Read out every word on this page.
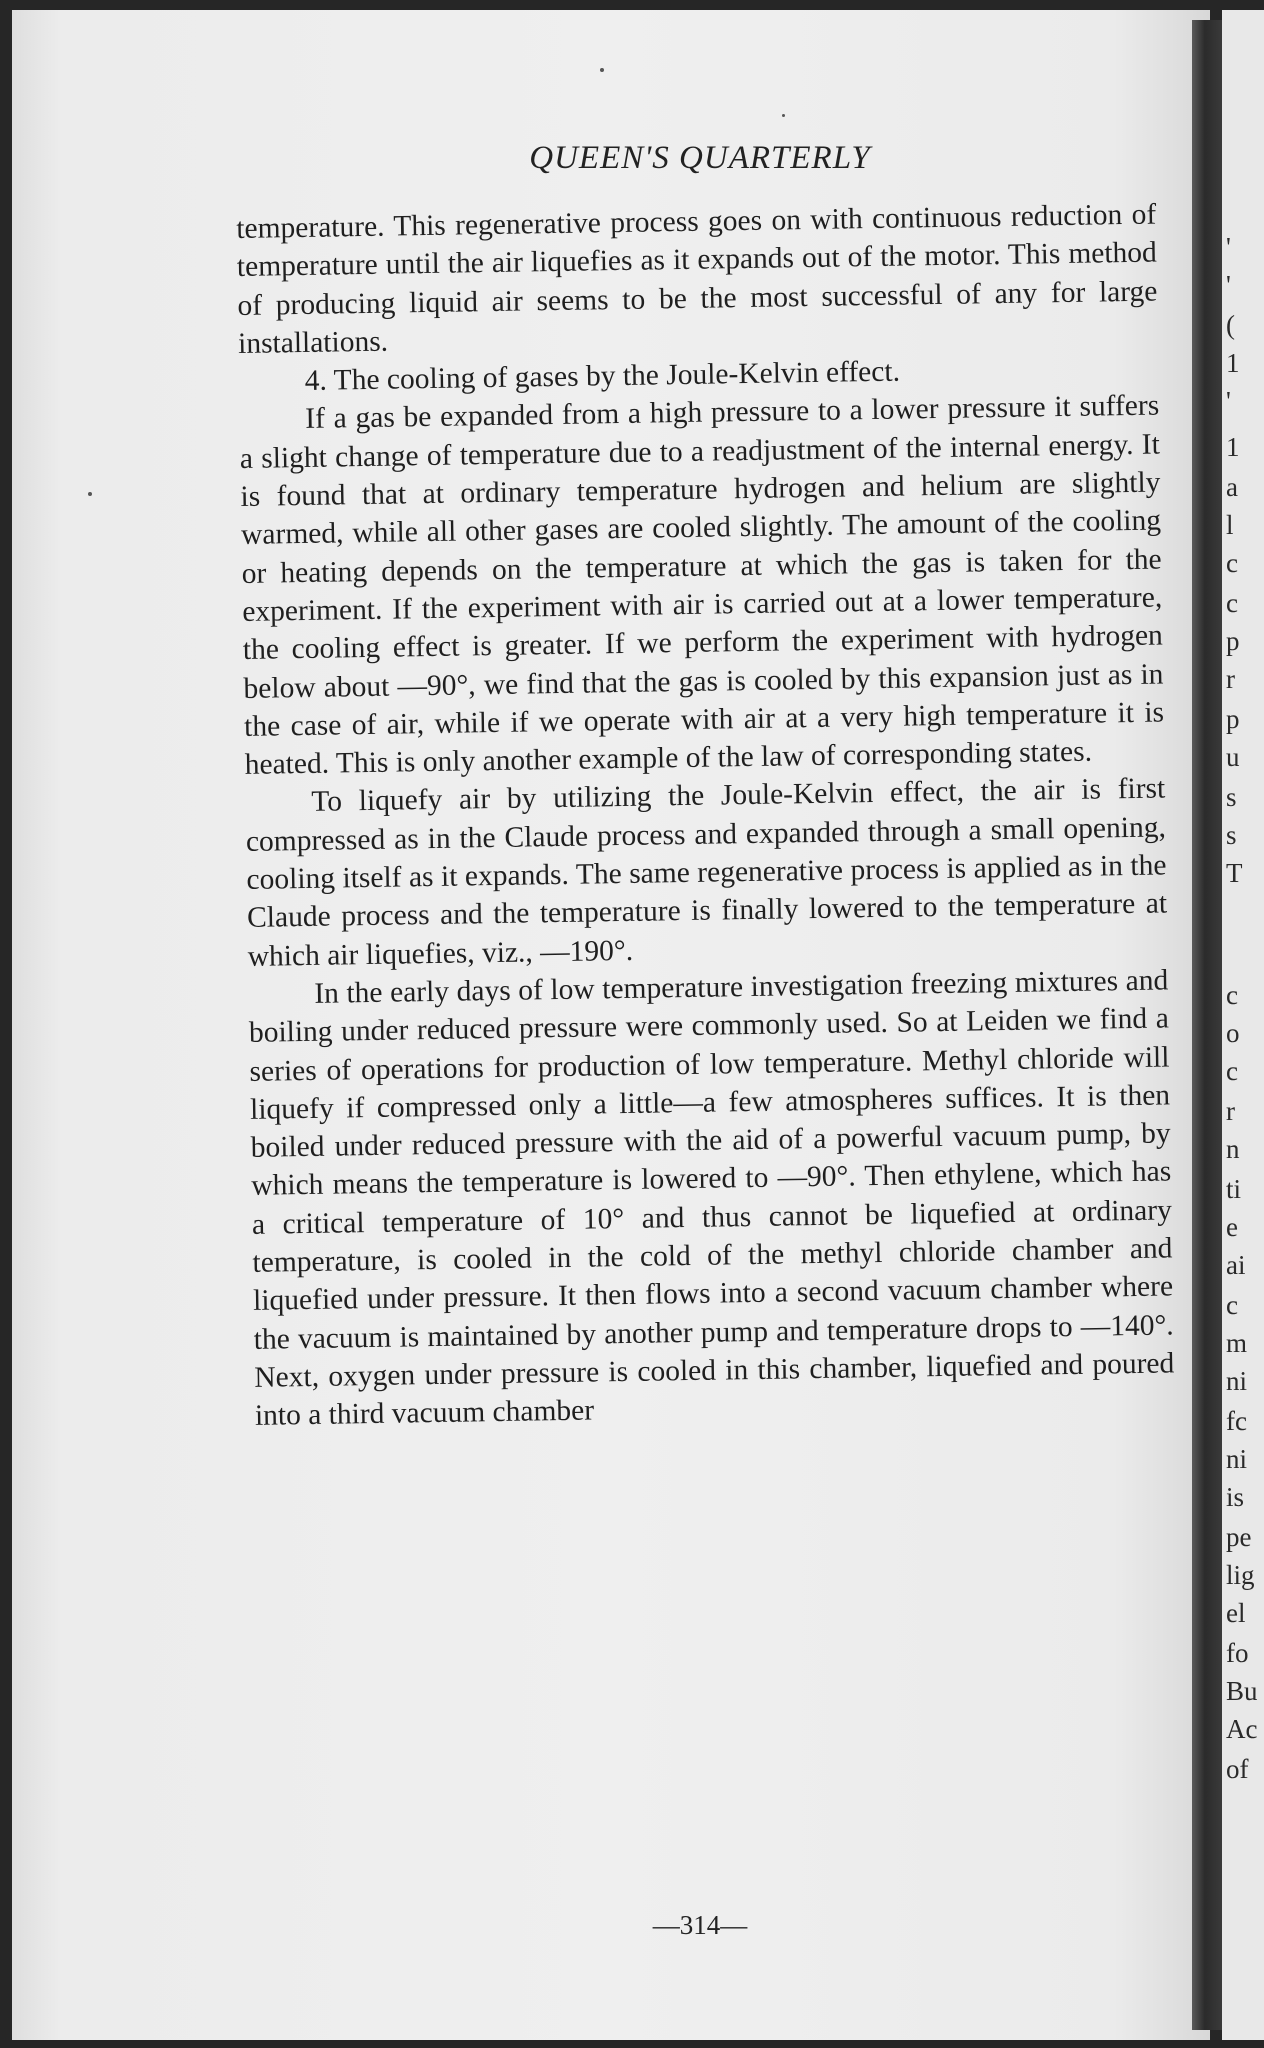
QUEEN'S QUARTERLY

temperature. This regenerative process goes on with continuous reduction of temperature until the air liquefies as it expands out of the motor. This method of producing liquid air seems to be the most successful of any for large installations.

4. The cooling of gases by the Joule-Kelvin effect.

If a gas be expanded from a high pressure to a lower pressure it suffers a slight change of temperature due to a readjustment of the internal energy. It is found that at ordinary temperature hydrogen and helium are slightly warmed, while all other gases are cooled slightly. The amount of the cooling or heating depends on the temperature at which the gas is taken for the experiment. If the experiment with air is carried out at a lower temperature, the cooling effect is greater. If we perform the experiment with hydrogen below about —90°, we find that the gas is cooled by this expansion just as in the case of air, while if we operate with air at a very high temperature it is heated. This is only another example of the law of corresponding states.

To liquefy air by utilizing the Joule-Kelvin effect, the air is first compressed as in the Claude process and expanded through a small opening, cooling itself as it expands. The same regenerative process is applied as in the Claude process and the temperature is finally lowered to the temperature at which air liquefies, viz., —190°.

In the early days of low temperature investigation freezing mixtures and boiling under reduced pressure were commonly used. So at Leiden we find a series of operations for production of low temperature. Methyl chloride will liquefy if compressed only a little—a few atmospheres suffices. It is then boiled under reduced pressure with the aid of a powerful vacuum pump, by which means the temperature is lowered to —90°. Then ethylene, which has a critical temperature of 10° and thus cannot be liquefied at ordinary temperature, is cooled in the cold of the methyl chloride chamber and liquefied under pressure. It then flows into a second vacuum chamber where the vacuum is maintained by another pump and temperature drops to —140°. Next, oxygen under pressure is cooled in this chamber, liquefied and poured into a third vacuum chamber

—314—
'
'
(
1
'
1
a
l
c
c
p
r
p
u
s
s
T
c
o
c
r
n
ti
e
ai
c
m
ni
fc
ni
is
pe
lig
el
fo
Bu
Ac
of
